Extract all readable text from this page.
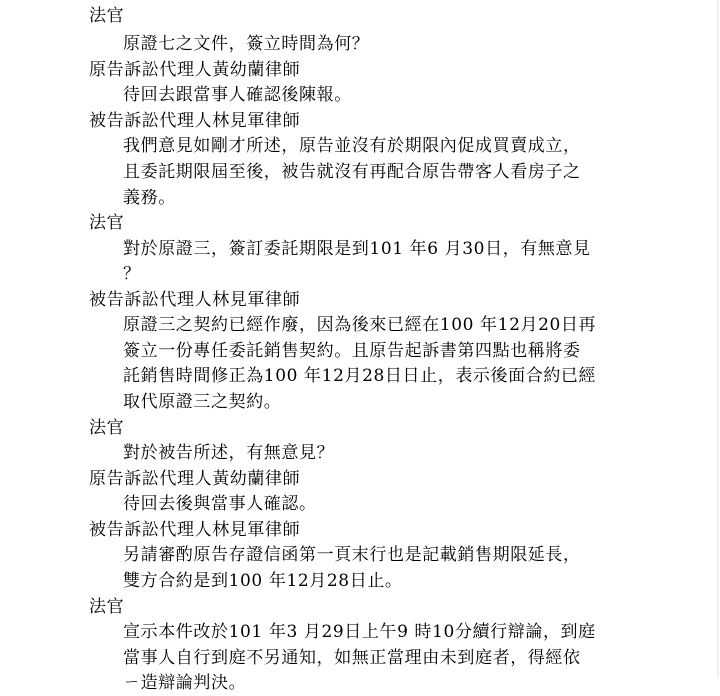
法官
原證七之文件，簽立時間為何？
原告訴訟代理人黃幼蘭律師
待回去跟當事人確認後陳報。
被告訴訟代理人林見軍律師
我們意見如剛才所述，原告並沒有於期限內促成買賣成立，
且委託期限屆至後，被告就沒有再配合原告帶客人看房子之
義務。
法官
對於原證三，簽訂委託期限是到101 年6 月30日，有無意見
？
被告訴訟代理人林見軍律師
原證三之契約已經作廢，因為後來已經在100 年12月20日再
簽立一份專任委託銷售契約。且原告起訴書第四點也稱將委
託銷售時間修正為100 年12月28日日止，表示後面合約已經
取代原證三之契約。
法官
對於被告所述，有無意見？
原告訴訟代理人黃幼蘭律師
待回去後與當事人確認。
被告訴訟代理人林見軍律師
另請審酌原告存證信函第一頁末行也是記載銷售期限延長，
雙方合約是到100 年12月28日止。
法官
宣示本件改於101 年3 月29日上午9 時10分續行辯論，到庭
當事人自行到庭不另通知，如無正當理由未到庭者，得經依
ㄧ造辯論判決。
